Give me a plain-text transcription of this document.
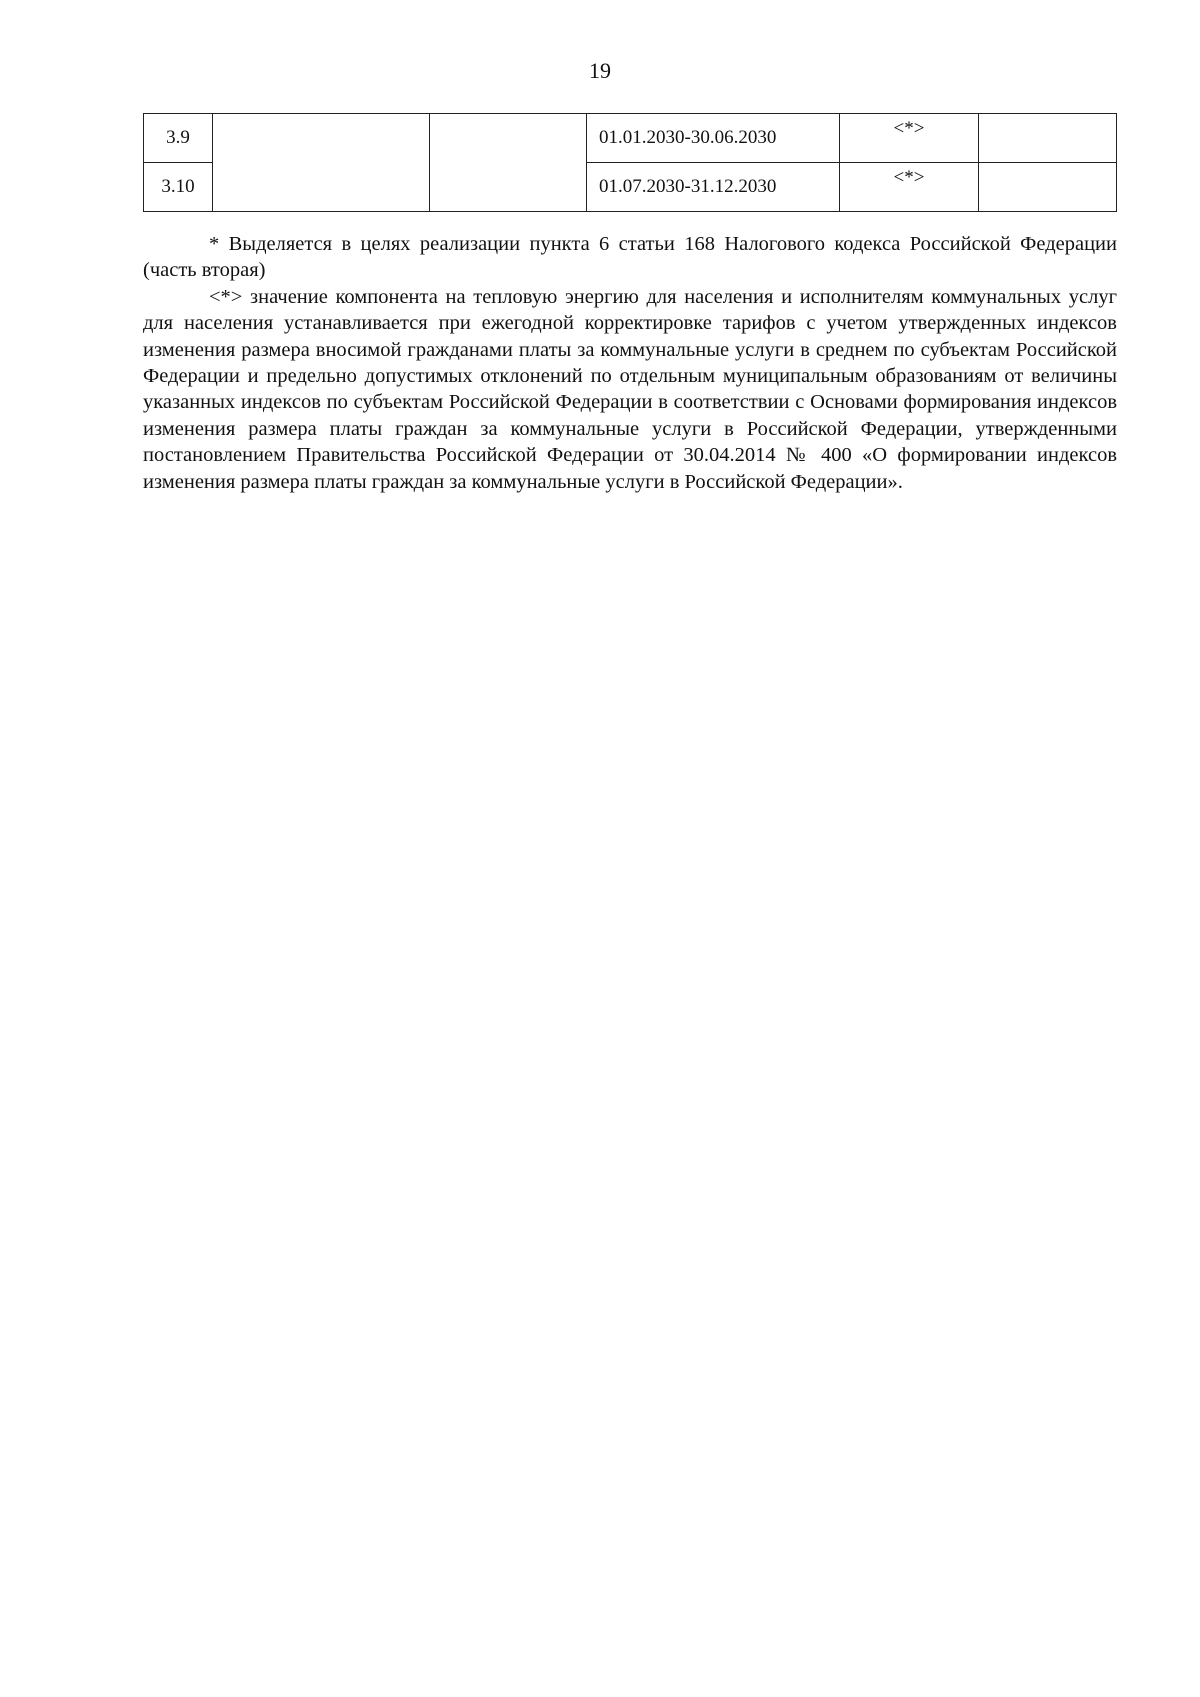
19
3.9			01.01.2030-30.06.2030	<*>	
3.10			01.07.2030-31.12.2030	<*>	

* Выделяется в целях реализации пункта 6 статьи 168 Налогового кодекса Российской Федерации (часть вторая)

<*> значение компонента на тепловую энергию для населения и исполнителям коммунальных услуг для населения устанавливается при ежегодной корректировке тарифов с учетом утвержденных индексов изменения размера вносимой гражданами платы за коммунальные услуги в среднем по субъектам Российской Федерации и предельно допустимых отклонений по отдельным муниципальным образованиям от величины указанных индексов по субъектам Российской Федерации в соответствии с Основами формирования индексов изменения размера платы граждан за коммунальные услуги в Российской Федерации, утвержденными постановлением Правительства Российской Федерации от 30.04.2014 № 400 «О формировании индексов изменения размера платы граждан за коммунальные услуги в Российской Федерации».
